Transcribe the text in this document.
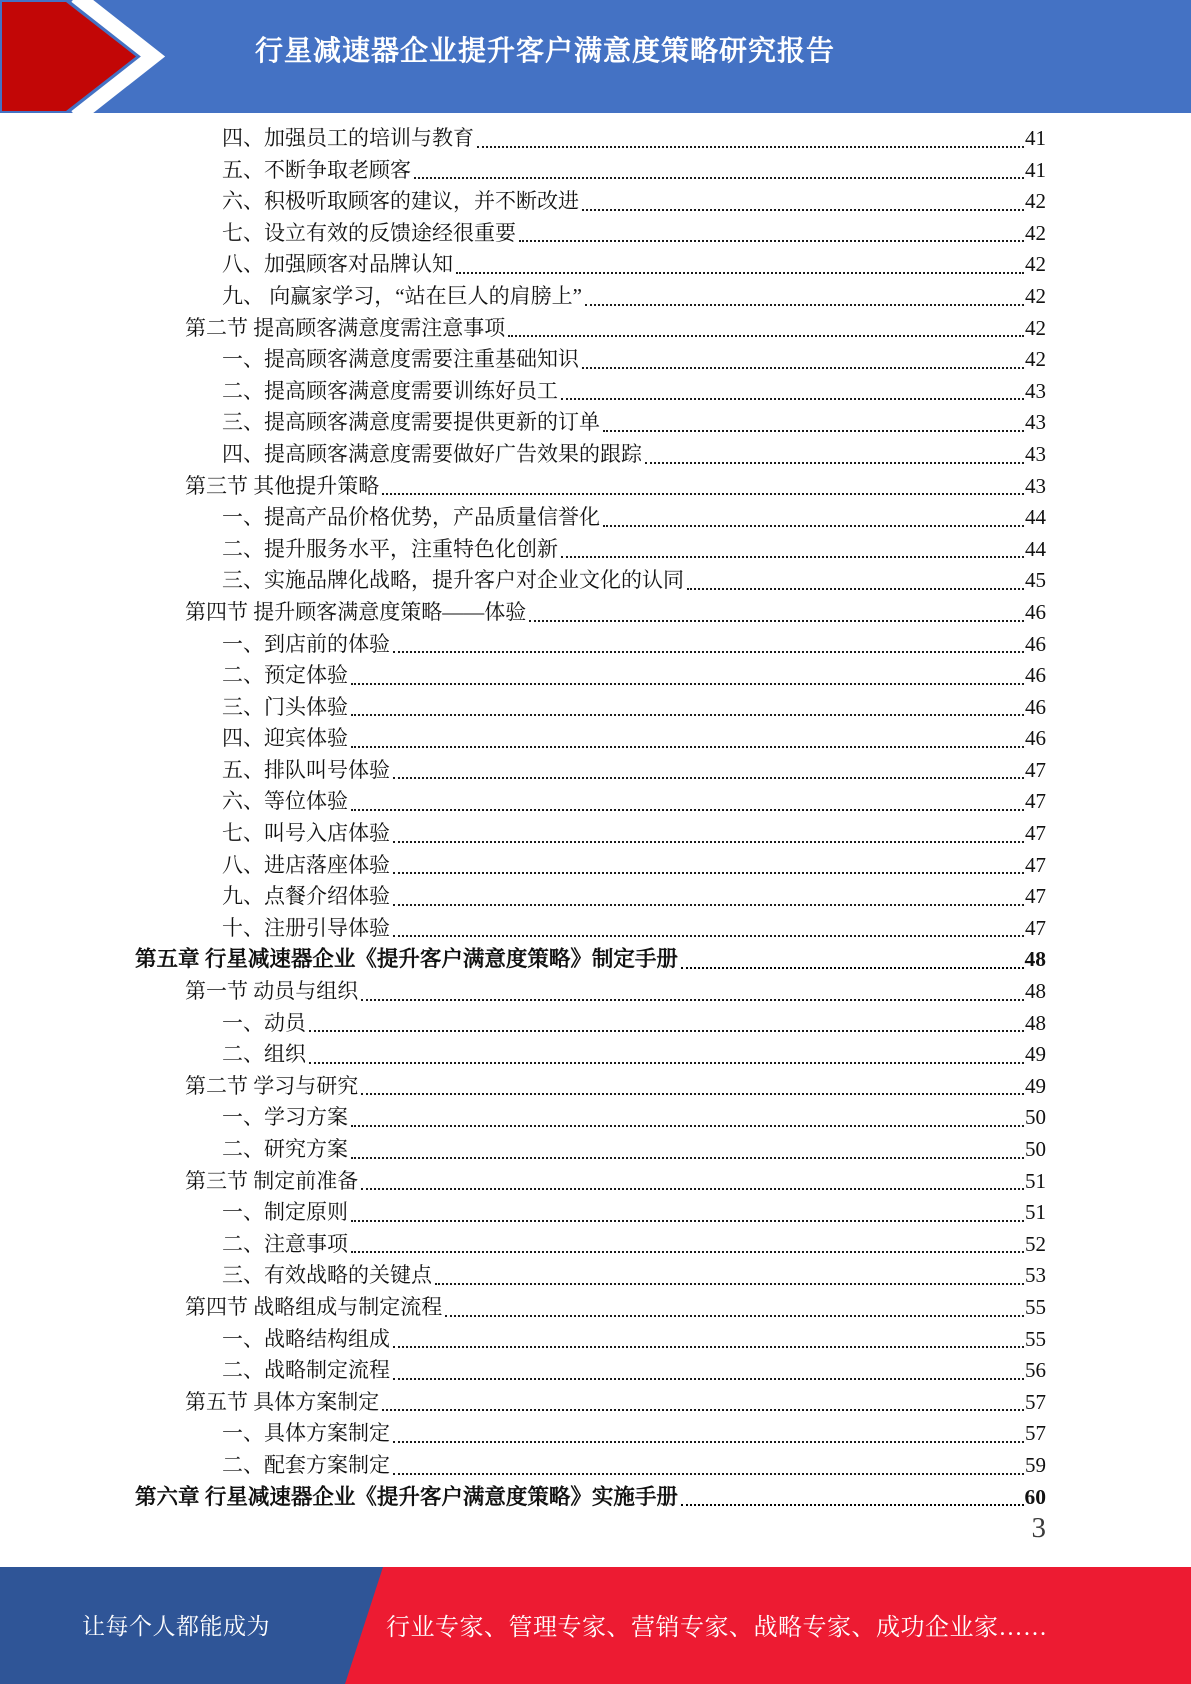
行星减速器企业提升客户满意度策略研究报告
四、加强员工的培训与教育	41
五、不断争取老顾客	41
六、积极听取顾客的建议，并不断改进	42
七、设立有效的反馈途经很重要	42
八、加强顾客对品牌认知	42
九、 向赢家学习，“站在巨人的肩膀上”	42
第二节 提高顾客满意度需注意事项	42
一、提高顾客满意度需要注重基础知识	42
二、提高顾客满意度需要训练好员工	43
三、提高顾客满意度需要提供更新的订单	43
四、提高顾客满意度需要做好广告效果的跟踪	43
第三节 其他提升策略	43
一、提高产品价格优势，产品质量信誉化	44
二、提升服务水平，注重特色化创新	44
三、实施品牌化战略，提升客户对企业文化的认同	45
第四节 提升顾客满意度策略——体验	46
一、到店前的体验	46
二、预定体验	46
三、门头体验	46
四、迎宾体验	46
五、排队叫号体验	47
六、等位体验	47
七、叫号入店体验	47
八、进店落座体验	47
九、点餐介绍体验	47
十、注册引导体验	47
第五章 行星减速器企业《提升客户满意度策略》制定手册	48
第一节 动员与组织	48
一、动员	48
二、组织	49
第二节 学习与研究	49
一、学习方案	50
二、研究方案	50
第三节 制定前准备	51
一、制定原则	51
二、注意事项	52
三、有效战略的关键点	53
第四节 战略组成与制定流程	55
一、战略结构组成	55
二、战略制定流程	56
第五节 具体方案制定	57
一、具体方案制定	57
二、配套方案制定	59
第六章 行星减速器企业《提升客户满意度策略》实施手册	60
3
让每个人都能成为	行业专家、管理专家、营销专家、战略专家、成功企业家……
